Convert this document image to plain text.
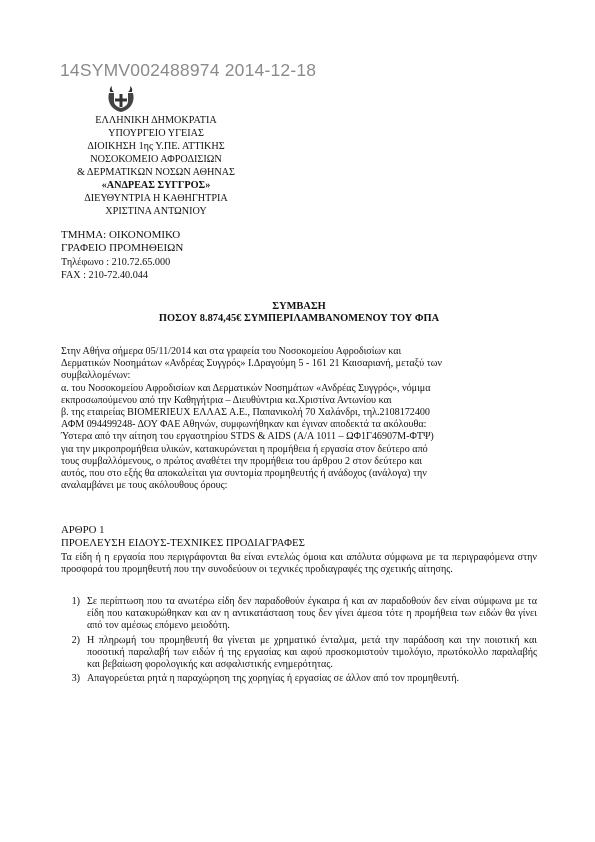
14SYMV002488974 2014-12-18
ΕΛΛΗΝΙΚΗ ΔΗΜΟΚΡΑΤΙΑ
ΥΠΟΥΡΓΕΙΟ ΥΓΕΙΑΣ
ΔΙΟΙΚΗΣΗ 1ης Υ.ΠΕ. ΑΤΤΙΚΗΣ
ΝΟΣΟΚΟΜΕΙΟ ΑΦΡΟΔΙΣΙΩΝ
& ΔΕΡΜΑΤΙΚΩΝ ΝΟΣΩΝ ΑΘΗΝΑΣ
«ΑΝΔΡΕΑΣ ΣΥΓΓΡΟΣ»
ΔΙΕΥΘΥΝΤΡΙΑ Η ΚΑΘΗΓΗΤΡΙΑ
ΧΡΙΣΤΙΝΑ ΑΝΤΩΝΙΟΥ
ΤΜΗΜΑ: ΟΙΚΟΝΟΜΙΚΟ
ΓΡΑΦΕΙΟ ΠΡΟΜΗΘΕΙΩΝ
Τηλέφωνο : 210.72.65.000
FAX : 210-72.40.044
ΣΥΜΒΑΣΗ
ΠΟΣΟΥ 8.874,45€ ΣΥΜΠΕΡΙΛΑΜΒΑΝΟΜΕΝΟΥ ΤΟΥ ΦΠΑ
Στην Αθήνα σήμερα 05/11/2014 και στα γραφεία του Νοσοκομείου Αφροδισίων και
Δερματικών Νοσημάτων «Ανδρέας Συγγρός» Ι.Δραγούμη 5 - 161 21 Καισαριανή, μεταξύ των
συμβαλλομένων:
α. του Νοσοκομείου Αφροδισίων και Δερματικών Νοσημάτων «Ανδρέας Συγγρός», νόμιμα
εκπροσωπούμενου από την Καθηγήτρια – Διευθύντρια κα.Χριστίνα Αντωνίου και
β. της εταιρείας BIOMERIEUX ΕΛΛΑΣ Α.Ε., Παπανικολή 70 Χαλάνδρι, τηλ.2108172400
ΑΦΜ 094499248- ΔΟΥ ΦΑΕ Αθηνών, συμφωνήθηκαν και έγιναν αποδεκτά τα ακόλουθα:
Ύστερα από την αίτηση του εργαστηρίου STDS & AIDS (Α/Α 1011 – ΩΦ1Γ46907Μ-ΦΤΨ)
για την μικροπρομήθεια υλικών, κατακυρώνεται η προμήθεια ή εργασία στον δεύτερο από
τους συμβαλλόμενους, ο πρώτος αναθέτει την προμήθεια του άρθρου 2 στον δεύτερο και
αυτός, που στο εξής θα αποκαλείται για συντομία προμηθευτής ή ανάδοχος (ανάλογα) την
αναλαμβάνει με τους ακόλουθους όρους:
ΑΡΘΡΟ 1
ΠΡΟΕΛΕΥΣΗ ΕΙΔΟΥΣ-ΤΕΧΝΙΚΕΣ ΠΡΟΔΙΑΓΡΑΦΕΣ
Τα είδη ή η εργασία που περιγράφονται θα είναι εντελώς όμοια και απόλυτα σύμφωνα με τα περιγραφόμενα στην προσφορά του προμηθευτή που την συνοδεύουν οι τεχνικές προδιαγραφές της σχετικής αίτησης.
1) Σε περίπτωση που τα ανωτέρω είδη δεν παραδοθούν έγκαιρα ή και αν παραδοθούν δεν είναι σύμφωνα με τα είδη που κατακυρώθηκαν και αν η αντικατάσταση τους δεν γίνει άμεσα τότε η προμήθεια των ειδών θα γίνει από τον αμέσως επόμενο μειοδότη.
2) Η πληρωμή του προμηθευτή θα γίνεται με χρηματικό ένταλμα, μετά την παράδοση και την ποιοτική και ποσοτική παραλαβή των ειδών ή της εργασίας και αφού προσκομιστούν τιμολόγιο, πρωτόκολλο παραλαβής και βεβαίωση φορολογικής και ασφαλιστικής ενημερότητας.
3) Απαγορεύεται ρητά η παραχώρηση της χορηγίας ή εργασίας σε άλλον από τον προμηθευτή.
